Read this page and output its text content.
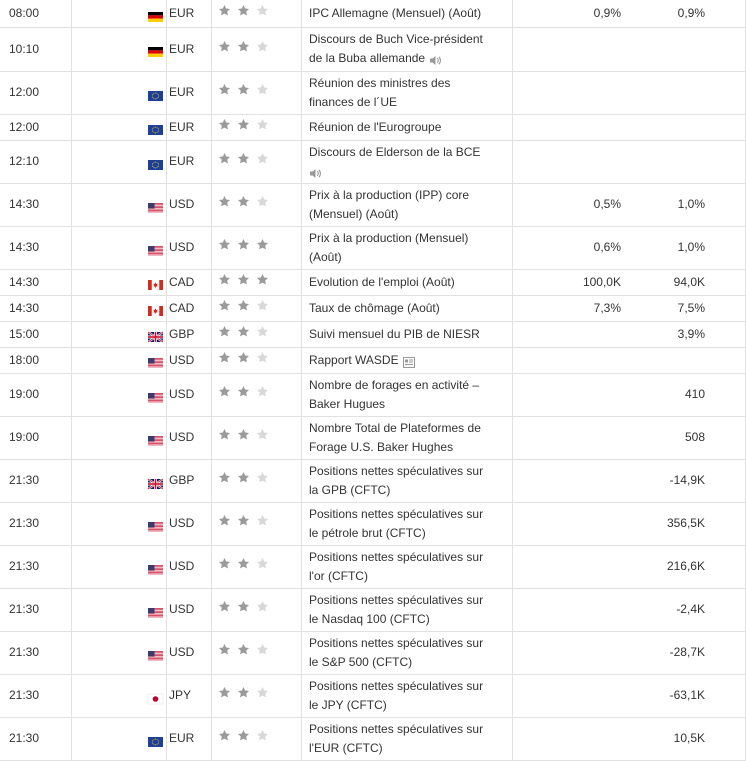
08:00		EUR		IPC Allemagne (Mensuel) (Août)	0,9%	0,9%	
10:10		EUR		Discours de Buch Vice-président
de la Buba allemande			

12:00		EUR		Réunion des ministres des
finances de l´UE			

12:00		EUR		Réunion de l'Eurogroupe			

12:10		EUR		Discours de Elderson de la BCE			

14:30		USD		Prix à la production (IPP) core
(Mensuel) (Août)	0,5%	1,0%	
14:30		USD		Prix à la production (Mensuel)
(Août)	0,6%	1,0%	
14:30		CAD		Evolution de l'emploi (Août)	100,0K	94,0K	
14:30		CAD		Taux de chômage (Août)	7,3%	7,5%	
15:00		GBP		Suivi mensuel du PIB de NIESR		3,9%	
18:00		USD		Rapport WASDE			

19:00		USD		Nombre de forages en activité –
Baker Hugues		410	
19:00		USD		Nombre Total de Plateformes de
Forage U.S. Baker Hughes		508	
21:30		GBP		Positions nettes spéculatives sur
la GPB (CFTC)		-14,9K	
21:30		USD		Positions nettes spéculatives sur
le pétrole brut (CFTC)		356,5K	
21:30		USD		Positions nettes spéculatives sur
l'or (CFTC)		216,6K	
21:30		USD		Positions nettes spéculatives sur
le Nasdaq 100 (CFTC)		-2,4K	
21:30		USD		Positions nettes spéculatives sur
le S&P 500 (CFTC)		-28,7K	
21:30		JPY		Positions nettes spéculatives sur
le JPY (CFTC)		-63,1K	
21:30		EUR		Positions nettes spéculatives sur
l'EUR (CFTC)		10,5K	
